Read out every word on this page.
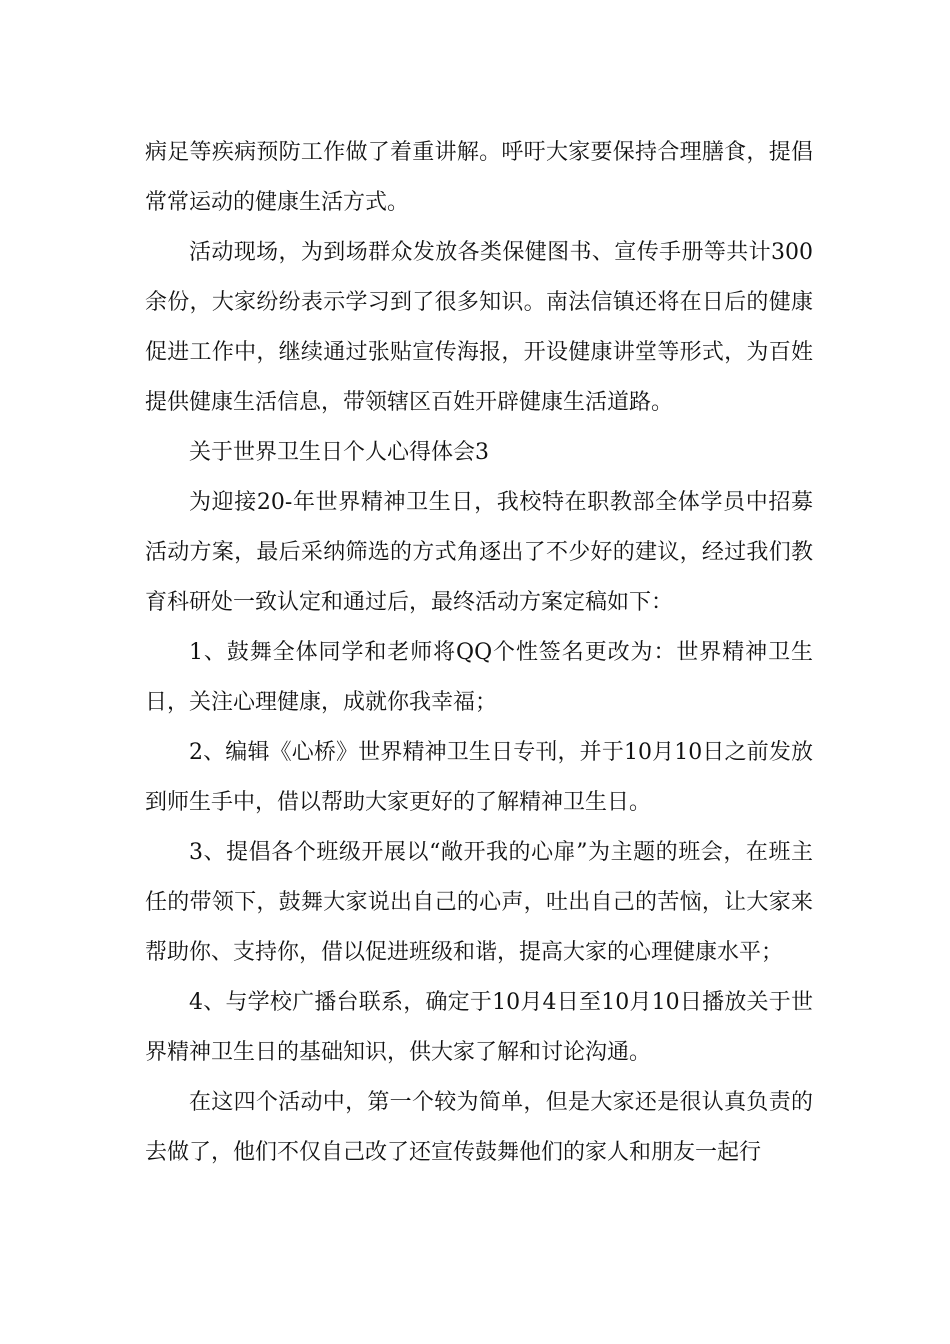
病足等疾病预防工作做了着重讲解。呼吁大家要保持合理膳食，提倡常常运动的健康生活方式。

活动现场，为到场群众发放各类保健图书、宣传手册等共计300余份，大家纷纷表示学习到了很多知识。南法信镇还将在日后的健康促进工作中，继续通过张贴宣传海报，开设健康讲堂等形式，为百姓提供健康生活信息，带领辖区百姓开辟健康生活道路。

关于世界卫生日个人心得体会3

为迎接20-年世界精神卫生日，我校特在职教部全体学员中招募活动方案，最后采纳筛选的方式角逐出了不少好的建议，经过我们教育科研处一致认定和通过后，最终活动方案定稿如下：

1、鼓舞全体同学和老师将QQ个性签名更改为：世界精神卫生日，关注心理健康，成就你我幸福；

2、编辑《心桥》世界精神卫生日专刊，并于10月10日之前发放到师生手中，借以帮助大家更好的了解精神卫生日。

3、提倡各个班级开展以“敞开我的心扉”为主题的班会，在班主任的带领下，鼓舞大家说出自己的心声，吐出自己的苦恼，让大家来帮助你、支持你，借以促进班级和谐，提高大家的心理健康水平；

4、与学校广播台联系，确定于10月4日至10月10日播放关于世界精神卫生日的基础知识，供大家了解和讨论沟通。

在这四个活动中，第一个较为简单，但是大家还是很认真负责的去做了，他们不仅自己改了还宣传鼓舞他们的家人和朋友一起行
